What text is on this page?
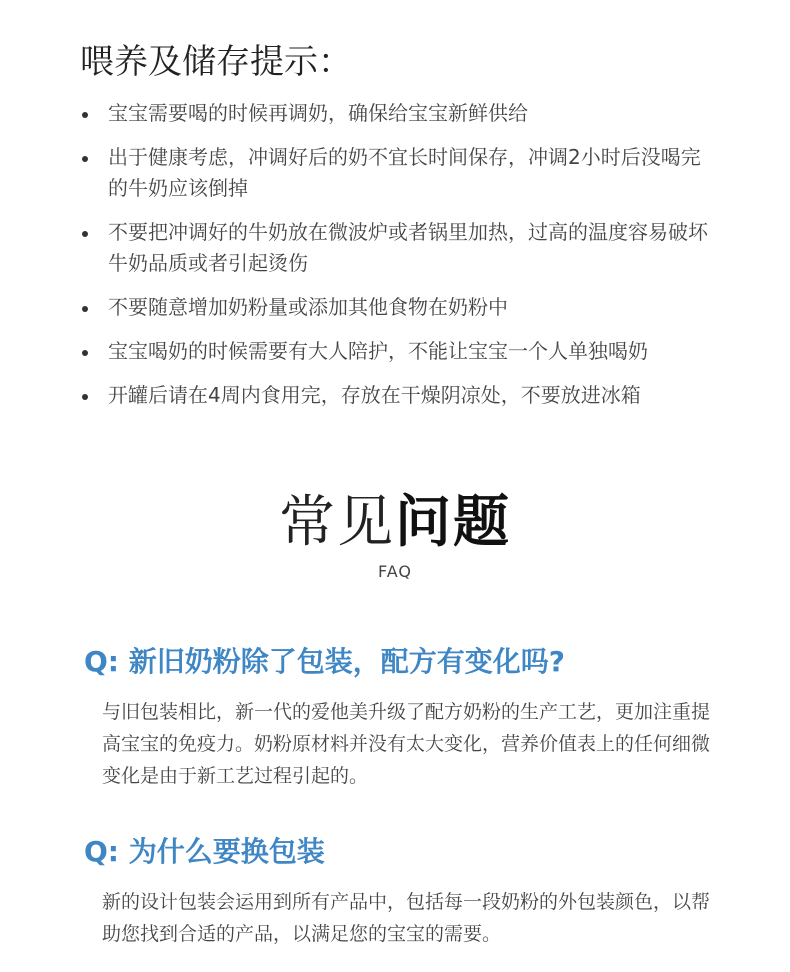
喂养及储存提示：
宝宝需要喝的时候再调奶，确保给宝宝新鲜供给
出于健康考虑，冲调好后的奶不宜长时间保存，冲调2小时后没喝完的牛奶应该倒掉
不要把冲调好的牛奶放在微波炉或者锅里加热，过高的温度容易破坏牛奶品质或者引起烫伤
不要随意增加奶粉量或添加其他食物在奶粉中
宝宝喝奶的时候需要有大人陪护，不能让宝宝一个人单独喝奶
开罐后请在4周内食用完，存放在干燥阴凉处，不要放进冰箱
常见问题
FAQ
Q: 新旧奶粉除了包装，配方有变化吗?

与旧包装相比，新一代的爱他美升级了配方奶粉的生产工艺，更加注重提高宝宝的免疫力。奶粉原材料并没有太大变化，营养价值表上的任何细微变化是由于新工艺过程引起的。

Q: 为什么要换包装

新的设计包装会运用到所有产品中，包括每一段奶粉的外包装颜色，以帮助您找到合适的产品，以满足您的宝宝的需要。
